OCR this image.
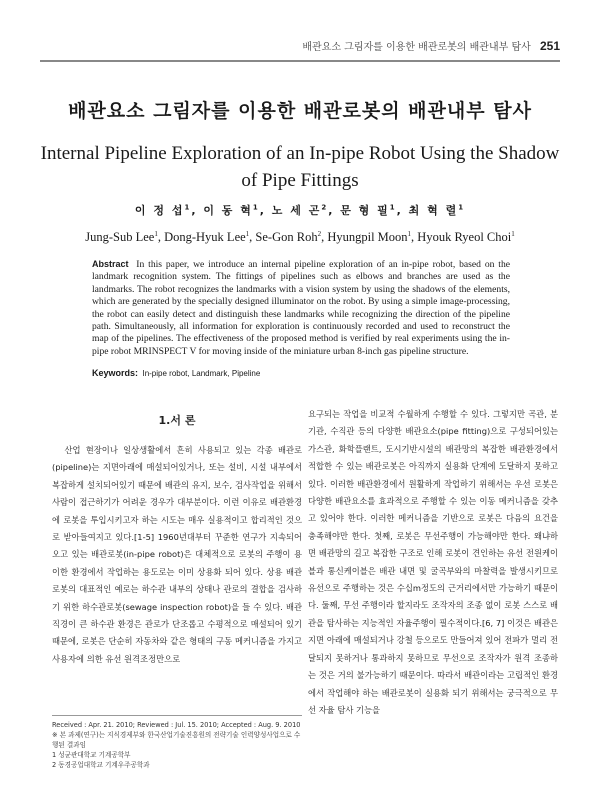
배관요소 그림자를 이용한 배관로봇의 배관내부 탐사 251
배관요소 그림자를 이용한 배관로봇의 배관내부 탐사
Internal Pipeline Exploration of an In-pipe Robot Using the Shadow of Pipe Fittings
이 정 섭$^1$, 이 동 혁$^1$, 노 세 곤$^2$, 문 형 필$^1$, 최 혁 렬$^1$
Jung-Sub Lee$^1$, Dong-Hyuk Lee$^1$, Se-Gon Roh$^2$, Hyungpil Moon$^1$, Hyouk Ryeol Choi$^1$
Abstract In this paper, we introduce an internal pipeline exploration of an in-pipe robot, based on the landmark recognition system. The fittings of pipelines such as elbows and branches are used as the landmarks. The robot recognizes the landmarks with a vision system by using the shadows of the elements, which are generated by the specially designed illuminator on the robot. By using a simple image-processing, the robot can easily detect and distinguish these landmarks while recognizing the direction of the pipeline path. Simultaneously, all information for exploration is continuously recorded and used to reconstruct the map of the pipelines. The effectiveness of the proposed method is verified by real experiments using the in-pipe robot MRINSPECT V for moving inside of the miniature urban 8-inch gas pipeline structure.
Keywords: In-pipe robot, Landmark, Pipeline
1.서 론

산업 현장이나 일상생활에서 흔히 사용되고 있는 각종 배관로(pipeline)는 지면아래에 매설되어있거나, 또는 설비, 시설 내부에서 복잡하게 설치되어있기 때문에 배관의 유지, 보수, 검사작업을 위해서 사람이 접근하기가 어려운 경우가 대부분이다. 이런 이유로 배관환경에 로봇을 투입시키고자 하는 시도는 매우 실용적이고 합리적인 것으로 받아들여지고 있다.[1-5] 1960년대부터 꾸준한 연구가 지속되어 오고 있는 배관로봇(in-pipe robot)은 대체적으로 로봇의 주행이 용이한 환경에서 작업하는 용도로는 이미 상용화 되어 있다. 상용 배관로봇의 대표적인 예로는 하수관 내부의 상태나 관로의 결합을 검사하기 위한 하수관로봇(sewage inspection robot)을 들 수 있다. 배관 직경이 큰 하수관 환경은 관로가 단조롭고 수평적으로 매설되어 있기 때문에, 로봇은 단순히 자동차와 같은 형태의 구동 메커니즘을 가지고 사용자에 의한 유선 원격조정만으로

요구되는 작업을 비교적 수월하게 수행할 수 있다. 그렇지만 곡관, 분기관, 수직관 등의 다양한 배관요소(pipe fitting)으로 구성되어있는 가스관, 화학플랜트, 도시기반시설의 배관망의 복잡한 배관환경에서 적합한 수 있는 배관로봇은 아직까지 실용화 단계에 도달하지 못하고 있다. 이러한 배관환경에서 원활하게 작업하기 위해서는 우선 로봇은 다양한 배관요소를 효과적으로 주행할 수 있는 이동 메커니즘을 갖추고 있어야 한다. 이러한 메커니즘을 기반으로 로봇은 다음의 요건을 충족해야만 한다. 첫째, 로봇은 무선주행이 가능해야만 한다. 왜냐하면 배관망의 길고 복잡한 구조로 인해 로봇이 견인하는 유선 전원케이블과 통신케이블은 배관 내면 및 굴곡부와의 마찰력을 발생시키므로 유선으로 주행하는 것은 수십m정도의 근거리에서만 가능하기 때문이다. 둘째, 무선 주행이라 할지라도 조작자의 조종 없이 로봇 스스로 배관을 탐사하는 지능적인 자율주행이 필수적이다.[6, 7] 이것은 배관은 지면 아래에 매설되거나 강철 등으로도 만들어져 있어 전파가 멀리 전달되지 못하거나 통과하지 못하므로 무선으로 조작자가 원격 조종하는 것은 거의 불가능하기 때문이다. 따라서 배관이라는 고립적인 환경에서 작업해야 하는 배관로봇이 실용화 되기 위해서는 궁극적으로 무선 자율 탐사 기능을

Received : Apr. 21. 2010; Reviewed : Jul. 15. 2010; Accepted : Aug. 9. 2010
※ 본 과제(연구)는 지식경제부와 한국산업기술진흥원의 전략기술 인력양성사업으로 수행된 결과임
1 성균관대학교 기계공학부
2 동경공업대학교 기계우주공학과
